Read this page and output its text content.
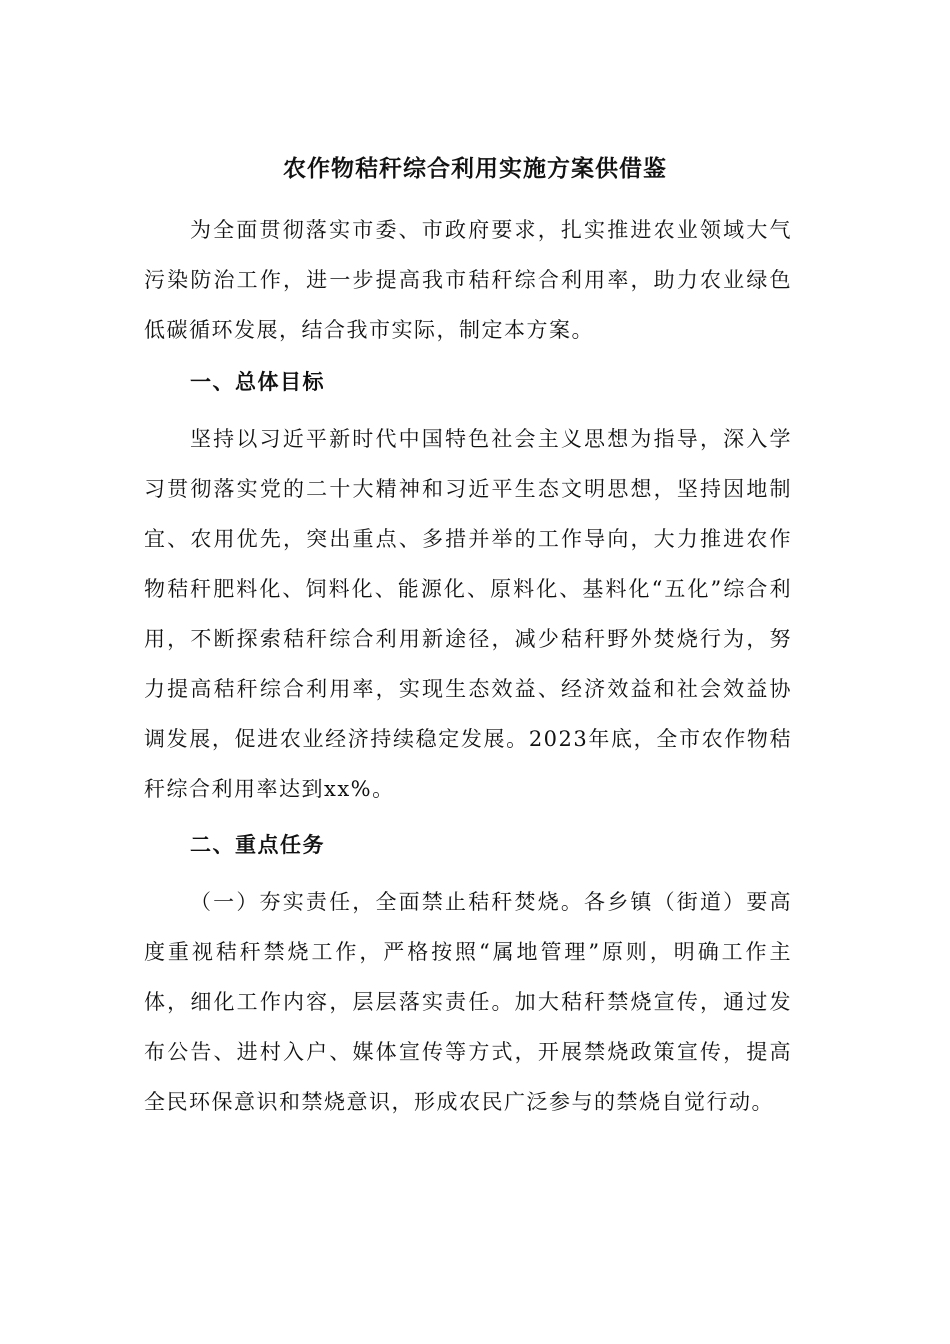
农作物秸秆综合利用实施方案供借鉴

为全面贯彻落实市委、市政府要求，扎实推进农业领域大气污染防治工作，进一步提高我市秸秆综合利用率，助力农业绿色低碳循环发展，结合我市实际，制定本方案。

一、总体目标

坚持以习近平新时代中国特色社会主义思想为指导，深入学习贯彻落实党的二十大精神和习近平生态文明思想，坚持因地制宜、农用优先，突出重点、多措并举的工作导向，大力推进农作物秸秆肥料化、饲料化、能源化、原料化、基料化“五化”综合利用，不断探索秸秆综合利用新途径，减少秸秆野外焚烧行为，努力提高秸秆综合利用率，实现生态效益、经济效益和社会效益协调发展，促进农业经济持续稳定发展。2023年底，全市农作物秸秆综合利用率达到xx%。

二、重点任务

（一）夯实责任，全面禁止秸秆焚烧。各乡镇（街道）要高度重视秸秆禁烧工作，严格按照“属地管理”原则，明确工作主体，细化工作内容，层层落实责任。加大秸秆禁烧宣传，通过发布公告、进村入户、媒体宣传等方式，开展禁烧政策宣传，提高全民环保意识和禁烧意识，形成农民广泛参与的禁烧自觉行动。
